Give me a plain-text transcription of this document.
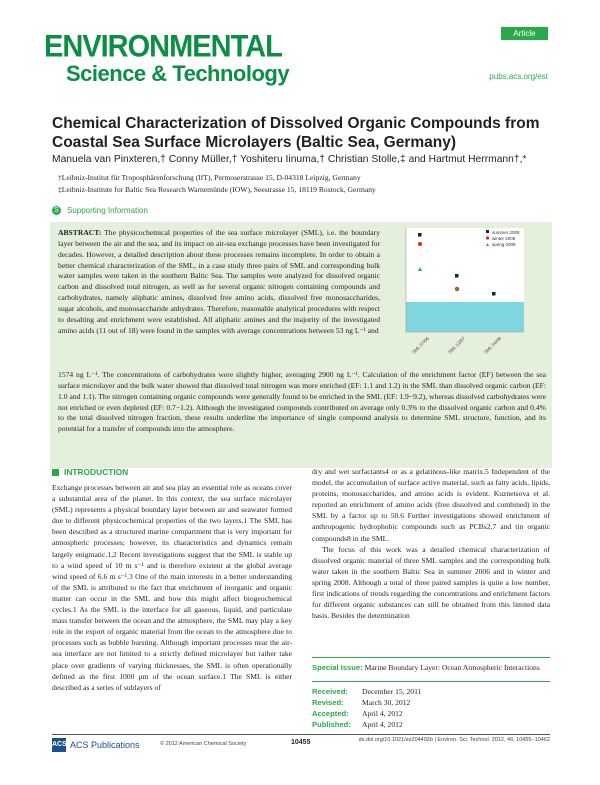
ENVIRONMENTAL
Science & Technology
Article
pubs.acs.org/est
Chemical Characterization of Dissolved Organic Compounds from Coastal Sea Surface Microlayers (Baltic Sea, Germany)
Manuela van Pinxteren,† Conny Müller,† Yoshiteru Iinuma,† Christian Stolle,‡ and Hartmut Herrmann†,*
†Leibniz-Institut für Troposphärenforschung (IfT), Permoserstrasse 15, D-04318 Leipzig, Germany
‡Leibniz-Institute for Baltic Sea Research Warnemünde (IOW), Seestrasse 15, 18119 Rostock, Germany
S Supporting Information
ABSTRACT: The physicochemical properties of the sea surface microlayer (SML), i.e. the boundary layer between the air and the sea, and its impact on air-sea exchange processes have been investigated for decades. However, a detailed description about these processes remains incomplete. In order to obtain a better chemical characterization of the SML, in a case study three pairs of SML and corresponding bulk water samples were taken in the southern Baltic Sea. The samples were analyzed for dissolved organic carbon and dissolved total nitrogen, as well as for several organic nitrogen containing compounds and carbohydrates, namely aliphatic amines, dissolved free amino acids, dissolved free monosaccharides, sugar alcohols, and monosaccharide anhydrates. Therefore, reasonable analytical procedures with respect to desalting and enrichment were established. All aliphatic amines and the majority of the investigated amino acids (11 out of 18) were found in the samples with average concentrations between 53 ng L⁻¹ and
1574 ng L⁻¹. The concentrations of carbohydrates were slightly higher, averaging 2900 ng L⁻¹. Calculation of the enrichment factor (EF) between the sea surface microlayer and the bulk water showed that dissolved total nitrogen was more enriched (EF: 1.1 and 1.2) in the SML than dissolved organic carbon (EF: 1.0 and 1.1). The nitrogen containing organic compounds were generally found to be enriched in the SML (EF: 1.9−9.2), whereas dissolved carbohydrates were not enriched or even depleted (EF: 0.7−1.2). Although the investigated compounds contributed on average only 0.3% to the dissolved organic carbon and 0.4% to the total dissolved nitrogen fraction, these results underline the importance of single compound analysis to determine SML structure, function, and its potential for a transfer of compounds into the atmosphere.
summer 2006
winter 2008
spring 2008
SML 07/06	SML 12/07	SML 04/08
INTRODUCTION
Exchange processes between air and sea play an essential role as oceans cover a substantial area of the planet. In this context, the sea surface microlayer (SML) represents a physical boundary layer between air and seawater formed due to different physicochemical properties of the two layers.1 The SML has been described as a structured marine compartment that is very important for atmospheric processes; however, its characteristics and dynamics remain largely enigmatic.1,2 Recent investigations suggest that the SML is stable up to a wind speed of 10 m s⁻¹ and is therefore existent at the global average wind speed of 6.6 m s⁻¹.3 One of the main interests in a better understanding of the SML is attributed to the fact that enrichment of inorganic and organic matter can occur in the SML and how this might affect biogeochemical cycles.1 As the SML is the interface for all gaseous, liquid, and particulate mass transfer between the ocean and the atmosphere, the SML may play a key role in the export of organic material from the ocean to the atmosphere due to processes such as bubble bursting. Although important processes near the air-sea interface are not limited to a strictly defined microlayer but rather take place over gradients of varying thicknesses, the SML is often operationally defined as the first 1000 μm of the ocean surface.1 The SML is either described as a series of sublayers of
dry and wet surfactants4 or as a gelatinous-like matrix.5 Independent of the model, the accumulation of surface active material, such as fatty acids, lipids, proteins, monosaccharides, and amino acids is evident. Kuznetsova et al. reported an enrichment of amino acids (free dissolved and combined) in the SML by a factor up to 50.6 Further investigations showed enrichment of anthropogenic hydrophobic compounds such as PCBs2,7 and tin organic compounds8 in the SML.
The focus of this work was a detailed chemical characterization of dissolved organic material of three SML samples and the corresponding bulk water taken in the southern Baltic Sea in summer 2006 and in winter and spring 2008. Although a total of three paired samples is quite a low number, first indications of trends regarding the concentrations and enrichment factors for different organic substances can still be obtained from this limited data basis. Besides the determination
Special Issue: Marine Boundary Layer: Ocean Atmospheric Interactions
Received: December 15, 2011
Revised: March 30, 2012
Accepted: April 4, 2012
Published: April 4, 2012
ACS ACS Publications	© 2012 American Chemical Society	10455	dx.doi.org/10.1021/es204492b | Environ. Sci. Technol. 2012, 46, 10455−10462
